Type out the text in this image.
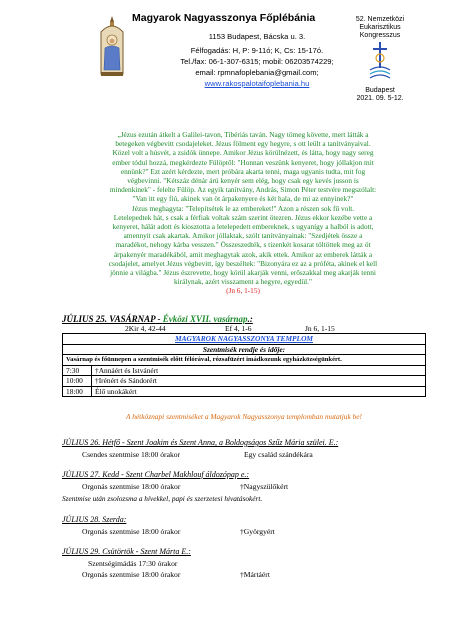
Magyarok Nagyasszonya Főplébánia
1153 Budapest, Bácska u. 3.
Félfogadás: H, P: 9-11ó; K, Cs: 15-17ó.
Tel./fax: 06-1-307-6315; mobil: 06203574229;
email: rpmnafoplebania@gmail.com;
www.rakospalotaifoplebania.hu
52. Nemzetközi
Eukarisztikus
Kongresszus
Budapest
2021. 09. 5-12.
„Jézus ezután átkelt a Galilei-tavon, Tibériás taván. Nagy tömeg követte, mert látták a
betegeken végbevitt csodajeleket. Jézus fölment egy hegyre, s ott leült a tanítványaival.
Közel volt a húsvét, a zsidók ünnepe. Amikor Jézus körülnézett, és látta, hogy nagy sereg
ember tódul hozzá, megkérdezte Fülöptől: "Honnan veszünk kenyeret, hogy jóllakjon mit
ennünk?" Ezt azért kérdezte, mert próbára akarta tenni, maga ugyanis tudta, mit fog
végbevinni. "Kétszáz dénár árú kenyér sem elég, hogy csak egy kevés jusson is
mindenkinek" - felelte Fülöp. Az egyik tanítvány, András, Simon Péter testvére megszólalt:
"Van itt egy fiú, akinek van öt árpakenyere és két hala, de mi az ennyinek?"
Jézus meghagyta: "Telepítsétek le az embereket!" Azon a részen sok fű volt.
Letelepedtek hát, s csak a férfiak voltak szám szerint ötezren. Jézus ekkor kezébe vette a
kenyeret, hálát adott és kiosztotta a letelepedett embereknek, s ugyanígy a halból is adott,
amennyit csak akartak. Amikor jóllaktak, szólt tanítványainak: "Szedjétek össze a
maradékot, nehogy kárba vesszen." Összeszedték, s tizenkét kosarat töltöttek meg az öt
árpakenyér maradékából, amit meghagytak azok, akik ettek. Amikor az emberek látták a
csodajelet, amelyet Jézus végbevitt, így beszéltek: "Bizonyára ez az a próféta, akinek el kell
jönnie a világba." Jézus észrevette, hogy körül akarják venni, erőszakkal meg akarják tenni
királynak, azért visszament a hegyre, egyedül."
(Jn 6, 1-15)
JÚLIUS 25. VASÁRNAP - Évközi XVII. vasárnap.:
2Kir 4, 42-44	Ef 4, 1-6	Jn 6, 1-15
MAGYAROK NAGYASSZONYA TEMPLOM	
Szentmisék rendje és idője:	
Vasárnap és főünnepen a szentmisék előtt félórával, rózsafüzért imádkozunk egyházközségünkért.	
7:30	†Annáért és Istvánért
10:00	†Irénért és Sándorért
18:00	Élő unokákért
A hétköznapi szentmiséket a Magyarok Nagyasszonya templomban mutatjuk be!
JÚLIUS 26. Hétfő - Szent Joakim és Szent Anna, a Boldogságos Szűz Mária szülei. E.:
Csendes szentmise 18:00 órakor	Egy család szándékára
JÚLIUS 27. Kedd - Szent Charbel Makhlouf áldozópap e.:
Orgonás szentmise 18:00 órakor	†Nagyszülőkért
Szentmise után zsolozsma a hívekkel, papi és szerzetesi hivatásokért.
JÚLIUS 28. Szerda:
Orgonás szentmise 18:00 órakor	†Györgyért
JÚLIUS 29. Csütörtök - Szent Márta E.:
Szentségimádás 17:30 órakor
Orgonás szentmise 18:00 órakor	†Mártáért
